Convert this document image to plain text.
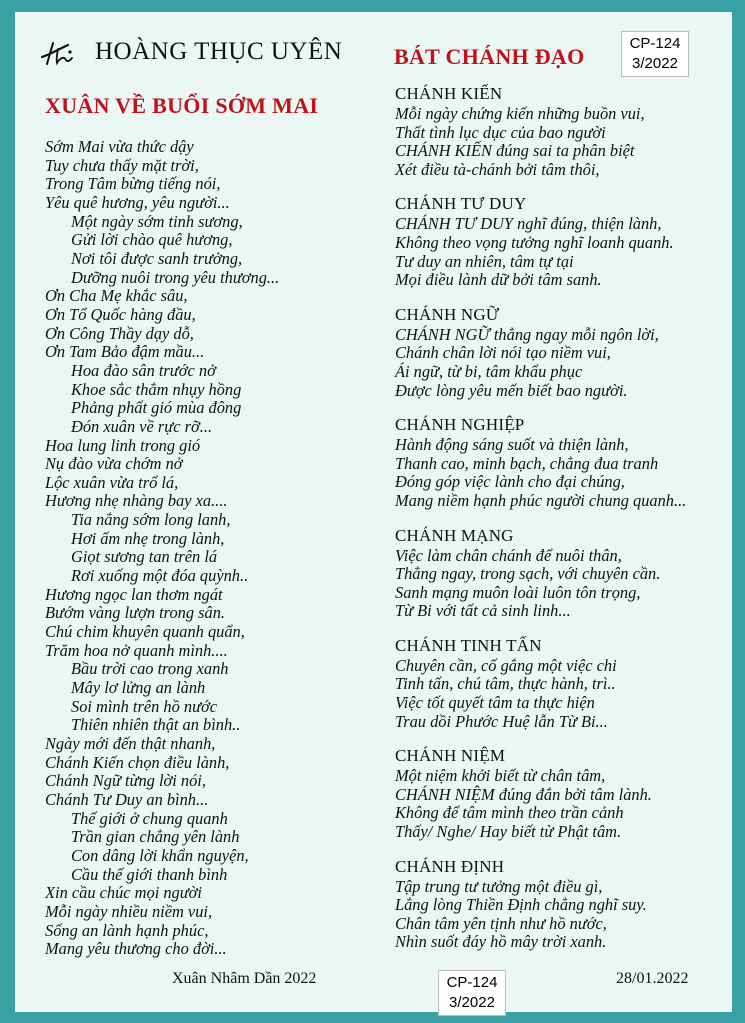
HOÀNG THỤC UYÊN
XUÂN VỀ BUỔI SỚM MAI
BÁT CHÁNH ĐẠO
CP-124
3/2022
Sớm Mai vừa thức dậy
Tuy chưa thấy mặt trời,
Trong Tâm bừng tiếng nói,
Yêu quê hương, yêu người...
Một ngày sớm tinh sương,
Gửi lời chào quê hương,
Nơi tôi được sanh trưởng,
Dưỡng nuôi trong yêu thương...
Ơn Cha Mẹ khắc sâu,
Ơn Tổ Quốc hàng đầu,
Ơn Công Thầy dạy dỗ,
Ơn Tam Bảo đậm mầu...
Hoa đào sân trước nở
Khoe sắc thắm nhụy hồng
Phảng phất gió mùa đông
Đón xuân về rực rỡ...
Hoa lung linh trong gió
Nụ đào vừa chớm nở
Lộc xuân vừa trổ lá,
Hương nhẹ nhàng bay xa....
Tia nắng sớm long lanh,
Hơi ấm nhẹ trong lành,
Giọt sương tan trên lá
Rơi xuống một đóa quỳnh..
Hương ngọc lan thơm ngát
Bướm vàng lượn trong sân.
Chú chim khuyên quanh quẩn,
Trăm hoa nở quanh mình....
Bầu trời cao trong xanh
Mây lơ lửng an lành
Soi mình trên hồ nước
Thiên nhiên thật an bình..
Ngày mới đến thật nhanh,
Chánh Kiến chọn điều lành,
Chánh Ngữ từng lời nói,
Chánh Tư Duy an bình...
Thế giới ở chung quanh
Trần gian chẳng yên lành
Con dâng lời khẩn nguyện,
Cầu thế giới thanh bình
Xin cầu chúc mọi người
Mỗi ngày nhiều niềm vui,
Sống an lành hạnh phúc,
Mang yêu thương cho đời...
CHÁNH KIẾN
Mỗi ngày chứng kiến những buồn vui,
Thất tình lục dục của bao người
CHÁNH KIẾN đúng sai ta phân biệt
Xét điều tà-chánh bởi tâm thôi,
CHÁNH TƯ DUY
CHÁNH TƯ DUY nghĩ đúng, thiện lành,
Không theo vọng tưởng nghĩ loanh quanh.
Tư duy an nhiên, tâm tự tại
Mọi điều lành dữ bởi tâm sanh.
CHÁNH NGỮ
CHÁNH NGỮ thẳng ngay mỗi ngôn lời,
Chánh chân lời nói tạo niềm vui,
Ái ngữ, từ bi, tâm khẩu phục
Được lòng yêu mến biết bao người.
CHÁNH NGHIỆP
Hành động sáng suốt và thiện lành,
Thanh cao, minh bạch, chẳng đua tranh
Đóng góp việc lành cho đại chúng,
Mang niềm hạnh phúc người chung quanh...
CHÁNH MẠNG
Việc làm chân chánh để nuôi thân,
Thẳng ngay, trong sạch, với chuyên cần.
Sanh mạng muôn loài luôn tôn trọng,
Từ Bi với tất cả sinh linh...
CHÁNH TINH TẤN
Chuyên cần, cố gắng một việc chi
Tinh tấn, chú tâm, thực hành, trì..
Việc tốt quyết tâm ta thực hiện
Trau dồi Phước Huệ lẫn Từ Bi...
CHÁNH NIỆM
Một niệm khởi biết từ chân tâm,
CHÁNH NIỆM đúng đắn bởi tâm lành.
Không để tâm mình theo trần cảnh
Thấy/ Nghe/ Hay biết từ Phật tâm.
CHÁNH ĐỊNH
Tập trung tư tưởng một điều gì,
Lắng lòng Thiền Định chẳng nghĩ suy.
Chân tâm yên tịnh như hồ nước,
Nhìn suốt đáy hồ mây trời xanh.
Xuân Nhâm Dần 2022	CP-124
3/2022
28/01.2022
